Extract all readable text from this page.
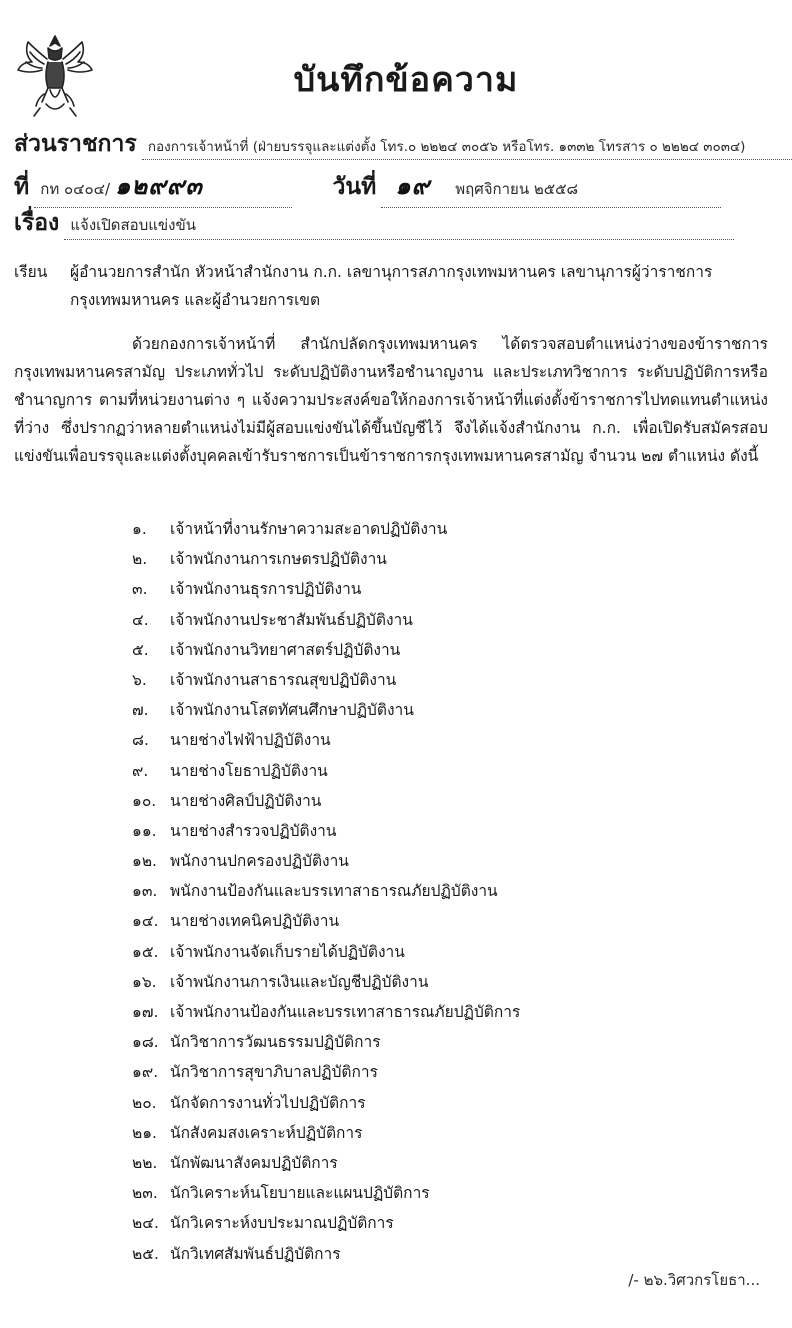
บันทึกข้อความ
ส่วนราชการ กองการเจ้าหน้าที่ (ฝ่ายบรรจุและแต่งตั้ง โทร.๐ ๒๒๒๔ ๓๐๕๖ หรือโทร. ๑๓๓๒ โทรสาร ๐ ๒๒๒๔ ๓๐๓๔)
ที่ กท ๐๔๐๔/ ๑๒๙๙๓	วันที่ ๑๙ พฤศจิกายน ๒๕๕๘
เรื่อง แจ้งเปิดสอบแข่งขัน
เรียน ผู้อำนวยการสำนัก หัวหน้าสำนักงาน ก.ก. เลขานุการสภากรุงเทพมหานคร เลขานุการผู้ว่าราชการ
กรุงเทพมหานคร และผู้อำนวยการเขต
ด้วยกองการเจ้าหน้าที่ สำนักปลัดกรุงเทพมหานคร ได้ตรวจสอบตำแหน่งว่างของข้าราชการกรุงเทพมหานครสามัญ ประเภททั่วไป ระดับปฏิบัติงานหรือชำนาญงาน และประเภทวิชาการ ระดับปฏิบัติการหรือชำนาญการ ตามที่หน่วยงานต่าง ๆ แจ้งความประสงค์ขอให้กองการเจ้าหน้าที่แต่งตั้งข้าราชการไปทดแทนตำแหน่งที่ว่าง ซึ่งปรากฏว่าหลายตำแหน่งไม่มีผู้สอบแข่งขันได้ขึ้นบัญชีไว้ จึงได้แจ้งสำนักงาน ก.ก. เพื่อเปิดรับสมัครสอบแข่งขันเพื่อบรรจุและแต่งตั้งบุคคลเข้ารับราชการเป็นข้าราชการกรุงเทพมหานครสามัญ จำนวน ๒๗ ตำแหน่ง ดังนี้
๑. เจ้าหน้าที่งานรักษาความสะอาดปฏิบัติงาน
๒. เจ้าพนักงานการเกษตรปฏิบัติงาน
๓. เจ้าพนักงานธุรการปฏิบัติงาน
๔. เจ้าพนักงานประชาสัมพันธ์ปฏิบัติงาน
๕. เจ้าพนักงานวิทยาศาสตร์ปฏิบัติงาน
๖. เจ้าพนักงานสาธารณสุขปฏิบัติงาน
๗. เจ้าพนักงานโสตทัศนศึกษาปฏิบัติงาน
๘. นายช่างไฟฟ้าปฏิบัติงาน
๙. นายช่างโยธาปฏิบัติงาน
๑๐. นายช่างศิลป์ปฏิบัติงาน
๑๑. นายช่างสำรวจปฏิบัติงาน
๑๒. พนักงานปกครองปฏิบัติงาน
๑๓. พนักงานป้องกันและบรรเทาสาธารณภัยปฏิบัติงาน
๑๔. นายช่างเทคนิคปฏิบัติงาน
๑๕. เจ้าพนักงานจัดเก็บรายได้ปฏิบัติงาน
๑๖. เจ้าพนักงานการเงินและบัญชีปฏิบัติงาน
๑๗. เจ้าพนักงานป้องกันและบรรเทาสาธารณภัยปฏิบัติการ
๑๘. นักวิชาการวัฒนธรรมปฏิบัติการ
๑๙. นักวิชาการสุขาภิบาลปฏิบัติการ
๒๐. นักจัดการงานทั่วไปปฏิบัติการ
๒๑. นักสังคมสงเคราะห์ปฏิบัติการ
๒๒. นักพัฒนาสังคมปฏิบัติการ
๒๓. นักวิเคราะห์นโยบายและแผนปฏิบัติการ
๒๔. นักวิเคราะห์งบประมาณปฏิบัติการ
๒๕. นักวิเทศสัมพันธ์ปฏิบัติการ
/- ๒๖.วิศวกรโยธา...
